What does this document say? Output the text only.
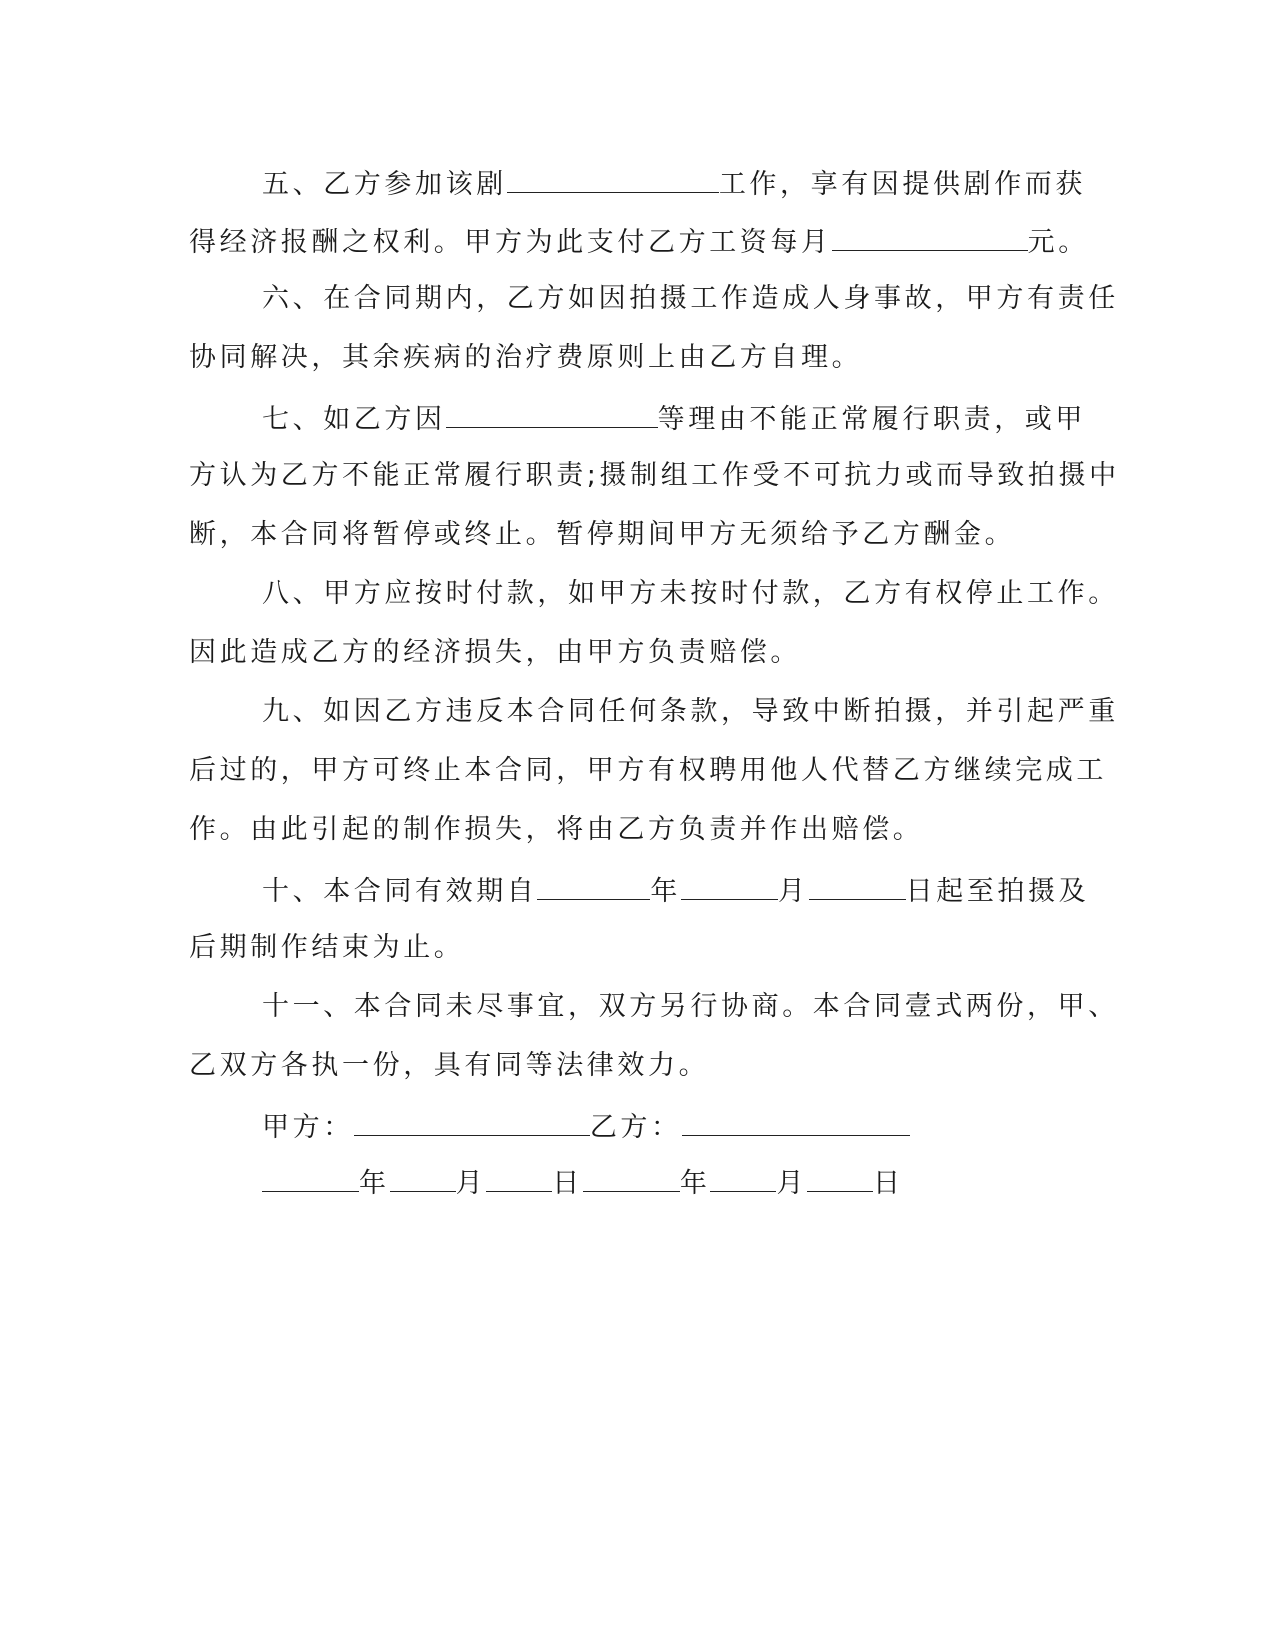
五、乙方参加该剧	工作，享有因提供剧作而获
得经济报酬之权利。甲方为此支付乙方工资每月	元。
六、在合同期内，乙方如因拍摄工作造成人身事故，甲方有责任
协同解决，其余疾病的治疗费原则上由乙方自理。
七、如乙方因	等理由不能正常履行职责，或甲
方认为乙方不能正常履行职责;摄制组工作受不可抗力或而导致拍摄中
断，本合同将暂停或终止。暂停期间甲方无须给予乙方酬金。
八、甲方应按时付款，如甲方未按时付款，乙方有权停止工作。
因此造成乙方的经济损失，由甲方负责赔偿。
九、如因乙方违反本合同任何条款，导致中断拍摄，并引起严重
后过的，甲方可终止本合同，甲方有权聘用他人代替乙方继续完成工
作。由此引起的制作损失，将由乙方负责并作出赔偿。
十、本合同有效期自	年	月	日起至拍摄及
后期制作结束为止。
十一、本合同未尽事宜，双方另行协商。本合同壹式两份，甲、
乙双方各执一份，具有同等法律效力。
甲方：	乙方：
年 月 日	年 月 日
